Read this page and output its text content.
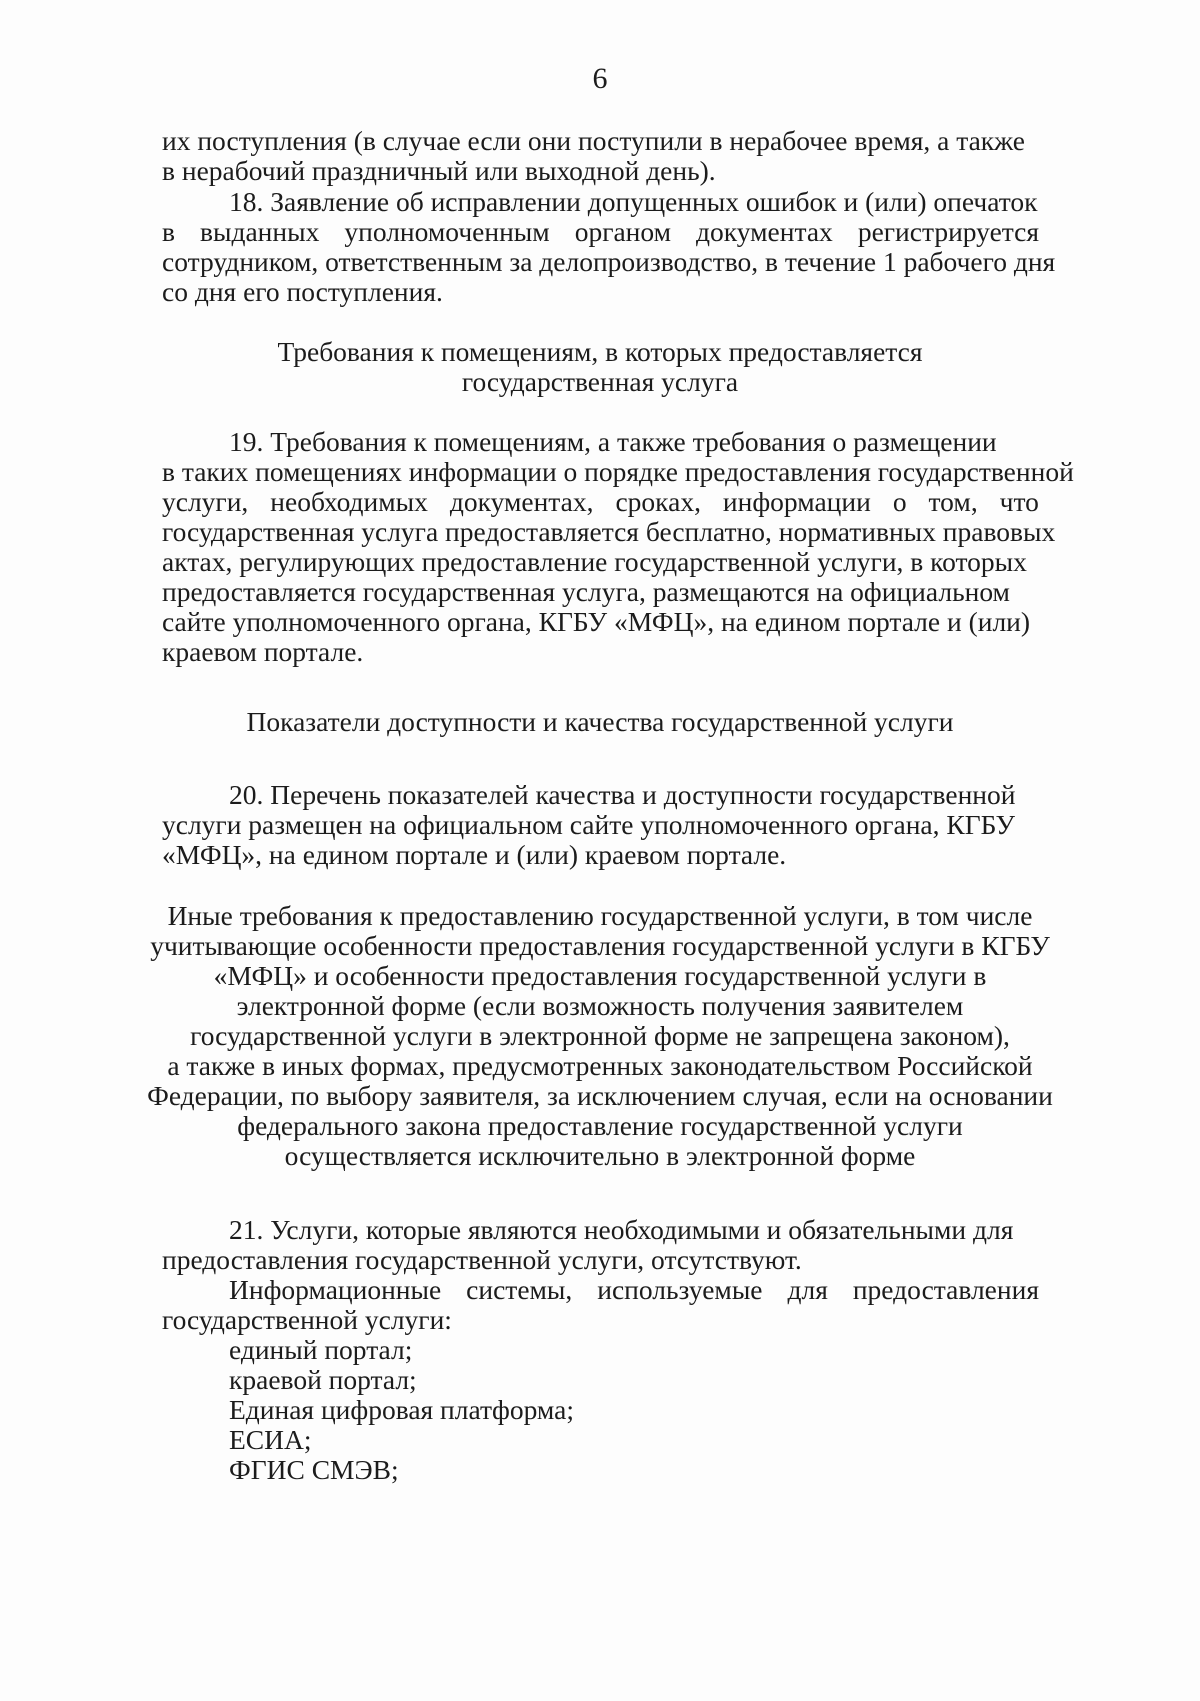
6
их поступления (в случае если они поступили в нерабочее время, а также
в нерабочий праздничный или выходной день).
18. Заявление об исправлении допущенных ошибок и (или) опечаток
в выданных уполномоченным органом документах регистрируется
сотрудником, ответственным за делопроизводство, в течение 1 рабочего дня
со дня его поступления.
Требования к помещениям, в которых предоставляется
государственная услуга
19. Требования к помещениям, а также требования о размещении
в таких помещениях информации о порядке предоставления государственной
услуги, необходимых документах, сроках, информации о том, что
государственная услуга предоставляется бесплатно, нормативных правовых
актах, регулирующих предоставление государственной услуги, в которых
предоставляется государственная услуга, размещаются на официальном
сайте уполномоченного органа, КГБУ «МФЦ», на едином портале и (или)
краевом портале.
Показатели доступности и качества государственной услуги
20. Перечень показателей качества и доступности государственной
услуги размещен на официальном сайте уполномоченного органа, КГБУ
«МФЦ», на едином портале и (или) краевом портале.
Иные требования к предоставлению государственной услуги, в том числе
учитывающие особенности предоставления государственной услуги в КГБУ
«МФЦ» и особенности предоставления государственной услуги в
электронной форме (если возможность получения заявителем
государственной услуги в электронной форме не запрещена законом),
а также в иных формах, предусмотренных законодательством Российской
Федерации, по выбору заявителя, за исключением случая, если на основании
федерального закона предоставление государственной услуги
осуществляется исключительно в электронной форме
21. Услуги, которые являются необходимыми и обязательными для
предоставления государственной услуги, отсутствуют.
Информационные системы, используемые для предоставления
государственной услуги:
единый портал;
краевой портал;
Единая цифровая платформа;
ЕСИА;
ФГИС СМЭВ;
